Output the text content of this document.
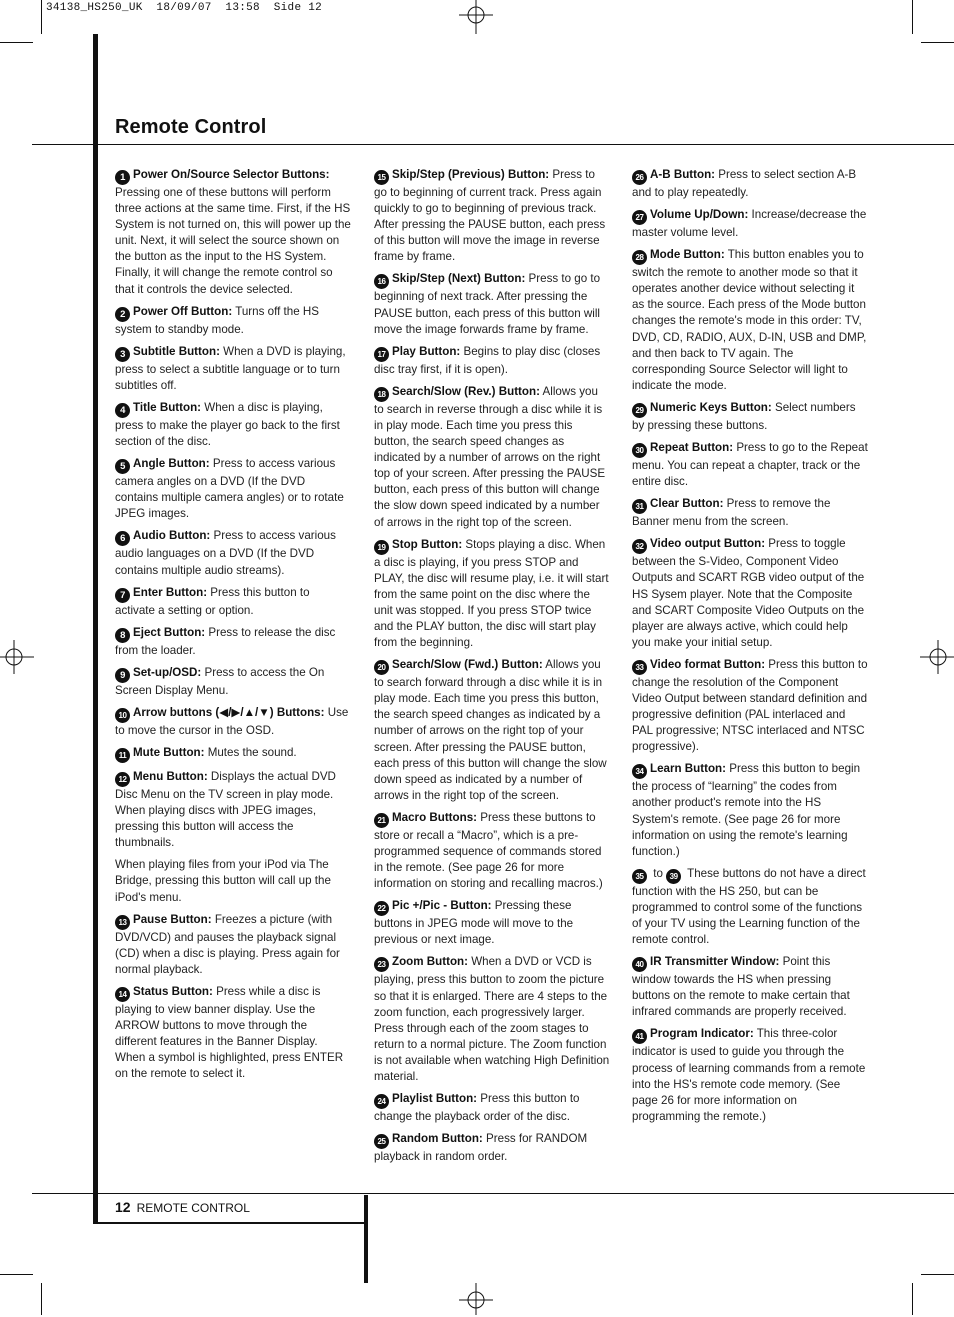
34138_HS250_UK  18/09/07  13:58  Side 12
Remote Control

1 Power On/Source Selector Buttons: Pressing one of these buttons will perform three actions at the same time. First, if the HS System is not turned on, this will power up the unit. Next, it will select the source shown on the button as the input to the HS System. Finally, it will change the remote control so that it controls the device selected.

2 Power Off Button: Turns off the HS system to standby mode.

3 Subtitle Button: When a DVD is playing, press to select a subtitle language or to turn subtitles off.

4 Title Button: When a disc is playing, press to make the player go back to the first section of the disc.

5 Angle Button: Press to access various camera angles on a DVD (If the DVD contains multiple camera angles) or to rotate JPEG images.

6 Audio Button: Press to access various audio languages on a DVD (If the DVD contains multiple audio streams).

7 Enter Button: Press this button to activate a setting or option.

8 Eject Button: Press to release the disc from the loader.

9 Set-up/OSD: Press to access the On Screen Display Menu.

10 Arrow buttons (◀/▶/▲/▼) Buttons: Use to move the cursor in the OSD.

11 Mute Button: Mutes the sound.

12 Menu Button: Displays the actual DVD Disc Menu on the TV screen in play mode. When playing discs with JPEG images, pressing this button will access the thumbnails.

When playing files from your iPod via The Bridge, pressing this button will call up the iPod's menu.

13 Pause Button: Freezes a picture (with DVD/VCD) and pauses the playback signal (CD) when a disc is playing. Press again for normal playback.

14 Status Button: Press while a disc is playing to view banner display. Use the ARROW buttons to move through the different features in the Banner Display. When a symbol is highlighted, press ENTER on the remote to select it.

15 Skip/Step (Previous) Button: Press to go to beginning of current track. Press again quickly to go to beginning of previous track. After pressing the PAUSE button, each press of this button will move the image in reverse frame by frame.

16 Skip/Step (Next) Button: Press to go to beginning of next track. After pressing the PAUSE button, each press of this button will move the image forwards frame by frame.

17 Play Button: Begins to play disc (closes disc tray first, if it is open).

18 Search/Slow (Rev.) Button: Allows you to search in reverse through a disc while it is in play mode. Each time you press this button, the search speed changes as indicated by a number of arrows on the right top of your screen. After pressing the PAUSE button, each press of this button will change the slow down speed indicated by a number of arrows in the right top of the screen.

19 Stop Button: Stops playing a disc. When a disc is playing, if you press STOP and PLAY, the disc will resume play, i.e. it will start from the same point on the disc where the unit was stopped. If you press STOP twice and the PLAY button, the disc will start play from the beginning.

20 Search/Slow (Fwd.) Button: Allows you to search forward through a disc while it is in play mode. Each time you press this button, the search speed changes as indicated by a number of arrows on the right top of your screen. After pressing the PAUSE button, each press of this button will change the slow down speed as indicated by a number of arrows in the right top of the screen.

21 Macro Buttons: Press these buttons to store or recall a “Macro”, which is a pre-programmed sequence of commands stored in the remote. (See page 26 for more information on storing and recalling macros.)

22 Pic +/Pic - Button: Pressing these buttons in JPEG mode will move to the previous or next image.

23 Zoom Button: When a DVD or VCD is playing, press this button to zoom the picture so that it is enlarged. There are 4 steps to the zoom function, each progressively larger. Press through each of the zoom stages to return to a normal picture. The Zoom function is not available when watching High Definition material.

24 Playlist Button: Press this button to change the playback order of the disc.

25 Random Button: Press for RANDOM playback in random order.

26 A-B Button: Press to select section A-B and to play repeatedly.

27 Volume Up/Down: Increase/decrease the master volume level.

28 Mode Button: This button enables you to switch the remote to another mode so that it operates another device without selecting it as the source. Each press of the Mode button changes the remote's mode in this order: TV, DVD, CD, RADIO, AUX, D-IN, USB and DMP, and then back to TV again. The corresponding Source Selector will light to indicate the mode.

29 Numeric Keys Button: Select numbers by pressing these buttons.

30 Repeat Button: Press to go to the Repeat menu. You can repeat a chapter, track or the entire disc.

31 Clear Button: Press to remove the Banner menu from the screen.

32 Video output Button: Press to toggle between the S-Video, Component Video Outputs and SCART RGB video output of the HS Sysem player. Note that the Composite and SCART Composite Video Outputs on the player are always active, which could help you make your initial setup.

33 Video format Button: Press this button to change the resolution of the Component Video Output between standard definition and progressive definition (PAL interlaced and PAL progressive; NTSC interlaced and NTSC progressive).

34 Learn Button: Press this button to begin the process of “learning” the codes from another product's remote into the HS System's remote. (See page 26 for more information on using the remote's learning function.)

35 to 39 These buttons do not have a direct function with the HS 250, but can be programmed to control some of the functions of your TV using the Learning function of the remote control.

40 IR Transmitter Window: Point this window towards the HS when pressing buttons on the remote to make certain that infrared commands are properly received.

41 Program Indicator: This three-color indicator is used to guide you through the process of learning commands from a remote into the HS's remote code memory. (See page 26 for more information on programming the remote.)

12 REMOTE CONTROL
